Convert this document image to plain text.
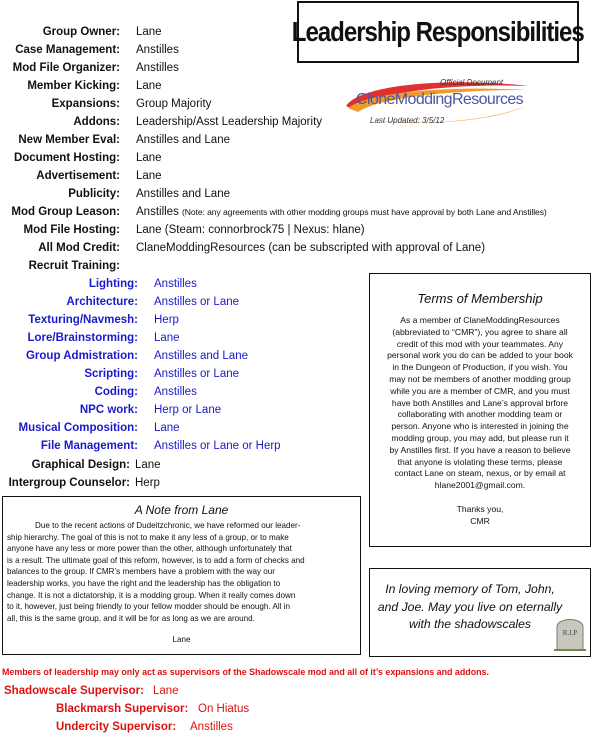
Leadership Responsibilities
Official Document
CloneModdingResources
Last Updated: 3/5/12
Group Owner: Lane
Case Management: Anstilles
Mod File Organizer: Anstilles
Member Kicking: Lane
Expansions: Group Majority
Addons: Leadership/Asst Leadership Majority
New Member Eval: Anstilles and Lane
Document Hosting: Lane
Advertisement: Lane
Publicity: Anstilles and Lane
Mod Group Leason: Anstilles (Note: any agreements with other modding groups must have approval by both Lane and Anstilles)
Mod File Hosting: Lane (Steam: connorbrock75 | Nexus: hlane)
All Mod Credit: ClaneModdingResources (can be subscripted with approval of Lane)
Recruit Training:
Lighting: Anstilles
Architecture: Anstilles or Lane
Texturing/Navmesh: Herp
Lore/Brainstorming: Lane
Group Admistration: Anstilles and Lane
Scripting: Anstilles or Lane
Coding: Anstilles
NPC work: Herp or Lane
Musical Composition: Lane
File Management: Anstilles or Lane or Herp
Graphical Design: Lane
Intergroup Counselor: Herp
Terms of Membership
As a member of ClaneModdingResources
(abbreviated to “CMR”), you agree to share all
credit of this mod with your teammates. Any
personal work you do can be added to your book
in the Dungeon of Production, if you wish. You
may not be members of another modding group
while you are a member of CMR, and you must
have both Anstilles and Lane’s approval brfore
collaborating with another modding team or
person. Anyone who is interested in joining the
modding group, you may add, but please run it
by Anstilles first. If you have a reason to believe
that anyone is violating these terms, please
contact Lane on steam, nexus, or by email at
hlane2001@gmail.com.
Thanks you,
CMR
A Note from Lane
Due to the recent actions of Dudeitzchronic, we have reformed our leader-
ship hierarchy. The goal of this is not to make it any less of a group, or to make
anyone have any less or more power than the other, although unfortunately that
is a result. The ultimate goal of this reform, however, is to add a form of checks and
balances to the group. If CMR’s members have a problem with the way our
leadership works, you have the right and the leadership has the obligation to
change. It is not a dictatorship, it is a modding group. When it really comes down
to it, however, just being friendly to your fellow modder should be enough. All in
all, this is the same group, and it will be for as long as we are around.
Lane
In loving memory of Tom, John,
and Joe. May you live on eternally
with the shadowscales
R.I.P
Members of leadership may only act as supervisors of the Shadowscale mod and all of it’s expansions and addons.
Shadowscale Supervisor: Lane
Blackmarsh Supervisor: On Hiatus
Undercity Supervisor: Anstilles
